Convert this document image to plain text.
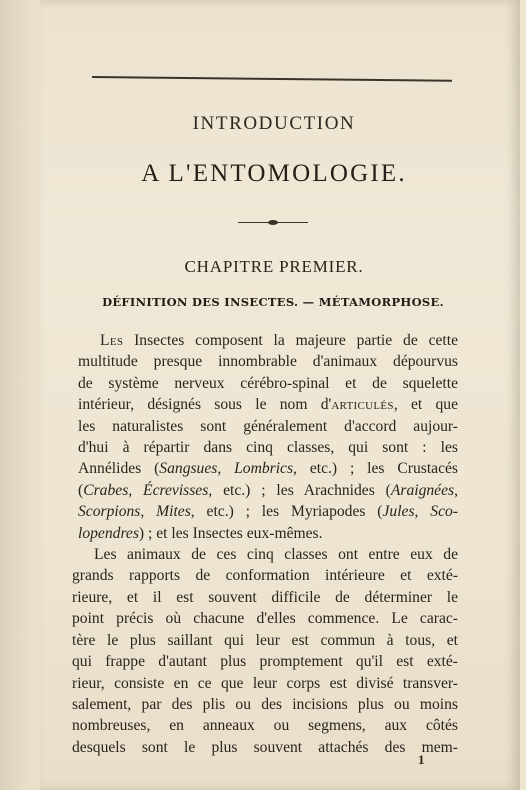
INTRODUCTION
A L'ENTOMOLOGIE.
CHAPITRE PREMIER.
DÉFINITION DES INSECTES. — MÉTAMORPHOSE.
Les Insectes composent la majeure partie de cette
multitude presque innombrable d'animaux dépourvus
de système nerveux cérébro-spinal et de squelette
intérieur, désignés sous le nom d'articulés, et que
les naturalistes sont généralement d'accord aujour-
d'hui à répartir dans cinq classes, qui sont : les
Annélides (Sangsues, Lombrics, etc.) ; les Crustacés
(Crabes, Écrevisses, etc.) ; les Arachnides (Araignées,
Scorpions, Mites, etc.) ; les Myriapodes (Jules, Sco-
lopendres) ; et les Insectes eux-mêmes.
Les animaux de ces cinq classes ont entre eux de
grands rapports de conformation intérieure et exté-
rieure, et il est souvent difficile de déterminer le
point précis où chacune d'elles commence. Le carac-
tère le plus saillant qui leur est commun à tous, et
qui frappe d'autant plus promptement qu'il est exté-
rieur, consiste en ce que leur corps est divisé transver-
salement, par des plis ou des incisions plus ou moins
nombreuses, en anneaux ou segmens, aux côtés
desquels sont le plus souvent attachés des mem-
1
